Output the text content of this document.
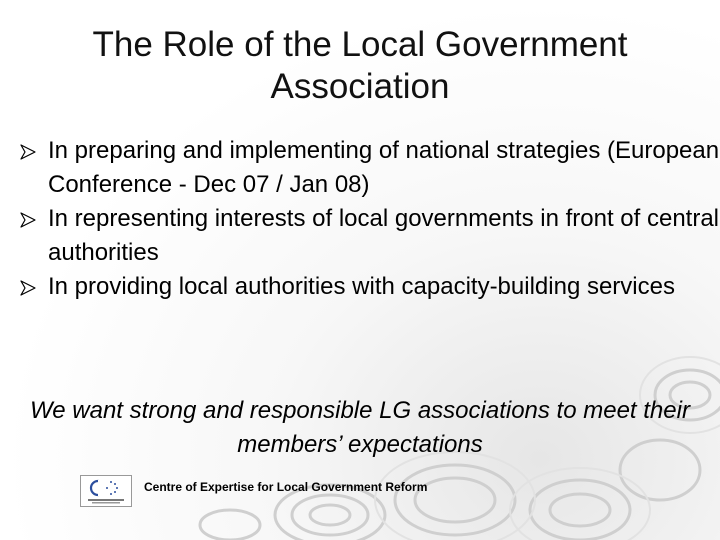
The Role of the Local Government Association
In preparing and implementing of national strategies (European Conference - Dec 07 / Jan 08)
In representing interests of local governments in front of central authorities
In providing local authorities with capacity-building services
We want strong and responsible LG associations to meet their members’ expectations
Centre of Expertise for Local Government Reform
